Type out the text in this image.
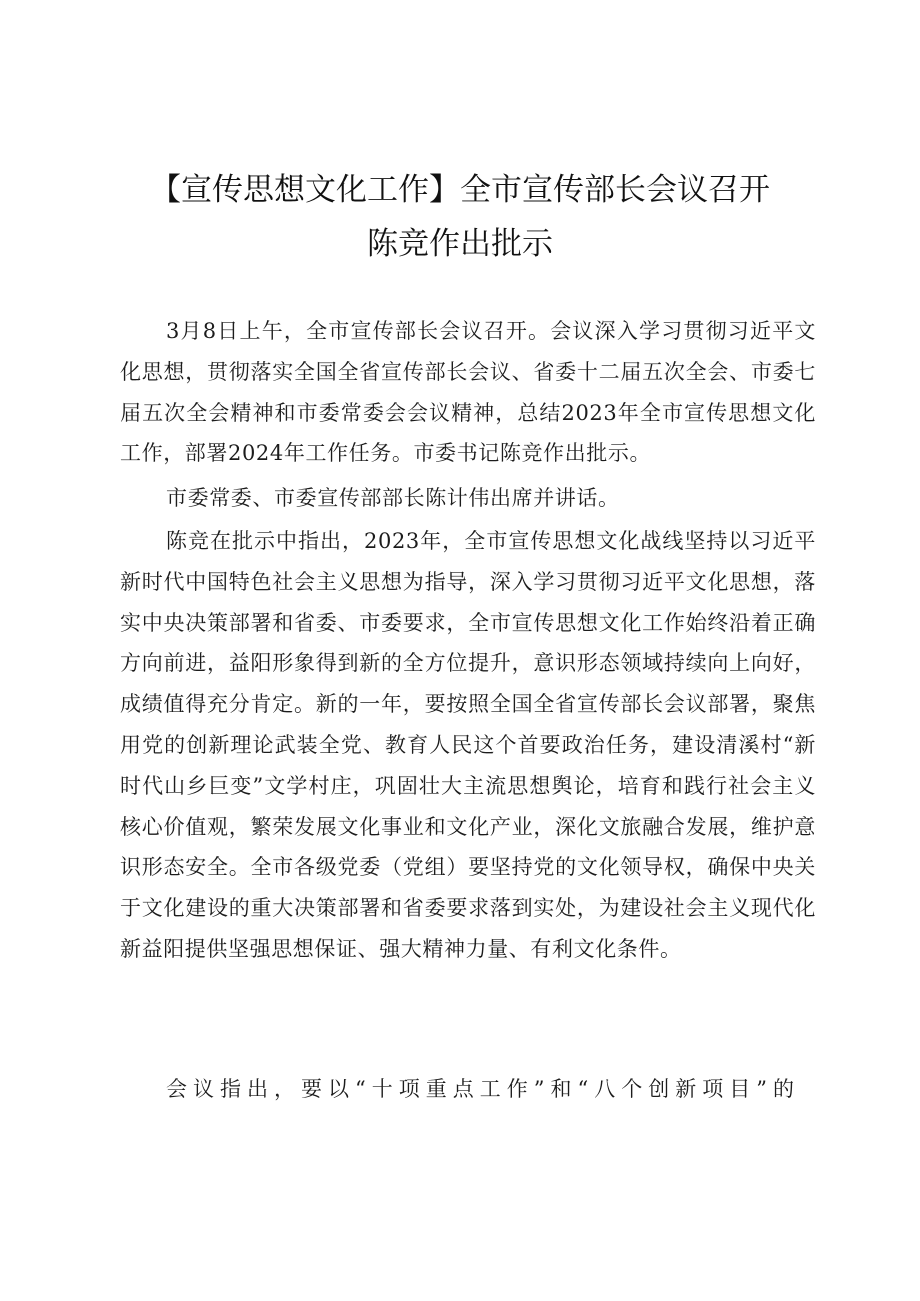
【宣传思想文化工作】全市宣传部长会议召开
陈竞作出批示

3月8日上午，全市宣传部长会议召开。会议深入学习贯彻习近平文化思想，贯彻落实全国全省宣传部长会议、省委十二届五次全会、市委七届五次全会精神和市委常委会会议精神，总结2023年全市宣传思想文化工作，部署2024年工作任务。市委书记陈竞作出批示。

市委常委、市委宣传部部长陈计伟出席并讲话。

陈竞在批示中指出，2023年，全市宣传思想文化战线坚持以习近平新时代中国特色社会主义思想为指导，深入学习贯彻习近平文化思想，落实中央决策部署和省委、市委要求，全市宣传思想文化工作始终沿着正确方向前进，益阳形象得到新的全方位提升，意识形态领域持续向上向好，成绩值得充分肯定。新的一年，要按照全国全省宣传部长会议部署，聚焦用党的创新理论武装全党、教育人民这个首要政治任务，建设清溪村“新时代山乡巨变”文学村庄，巩固壮大主流思想舆论，培育和践行社会主义核心价值观，繁荣发展文化事业和文化产业，深化文旅融合发展，维护意识形态安全。全市各级党委（党组）要坚持党的文化领导权，确保中央关于文化建设的重大决策部署和省委要求落到实处，为建设社会主义现代化新益阳提供坚强思想保证、强大精神力量、有利文化条件。

会议指出，要以“十项重点工作”和“八个创新项目”的
